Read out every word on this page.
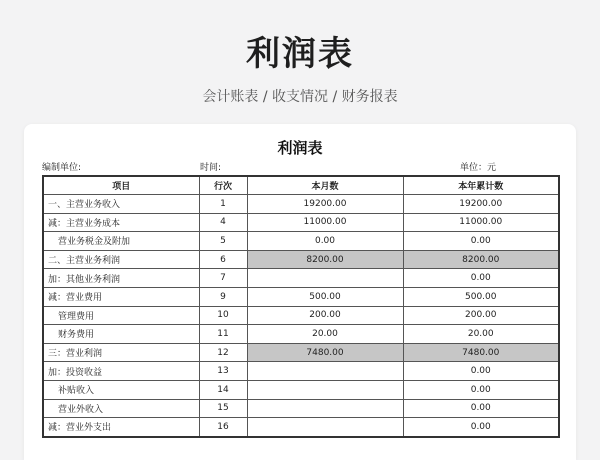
利润表
会计账表 / 收支情况 / 财务报表
利润表
编制单位:	时间:	单位：元
项目	行次	本月数	本年累计数
一、主营业务收入	1	19200.00	19200.00
减：主营业务成本	4	11000.00	11000.00
营业务税金及附加	5	0.00	0.00
二、主营业务利润	6	8200.00	8200.00
加：其他业务利润	7		0.00
减：营业费用	9	500.00	500.00
管理费用	10	200.00	200.00
财务费用	11	20.00	20.00
三：营业利润	12	7480.00	7480.00
加：投资收益	13		0.00
补贴收入	14		0.00
营业外收入	15		0.00
减：营业外支出	16		0.00
